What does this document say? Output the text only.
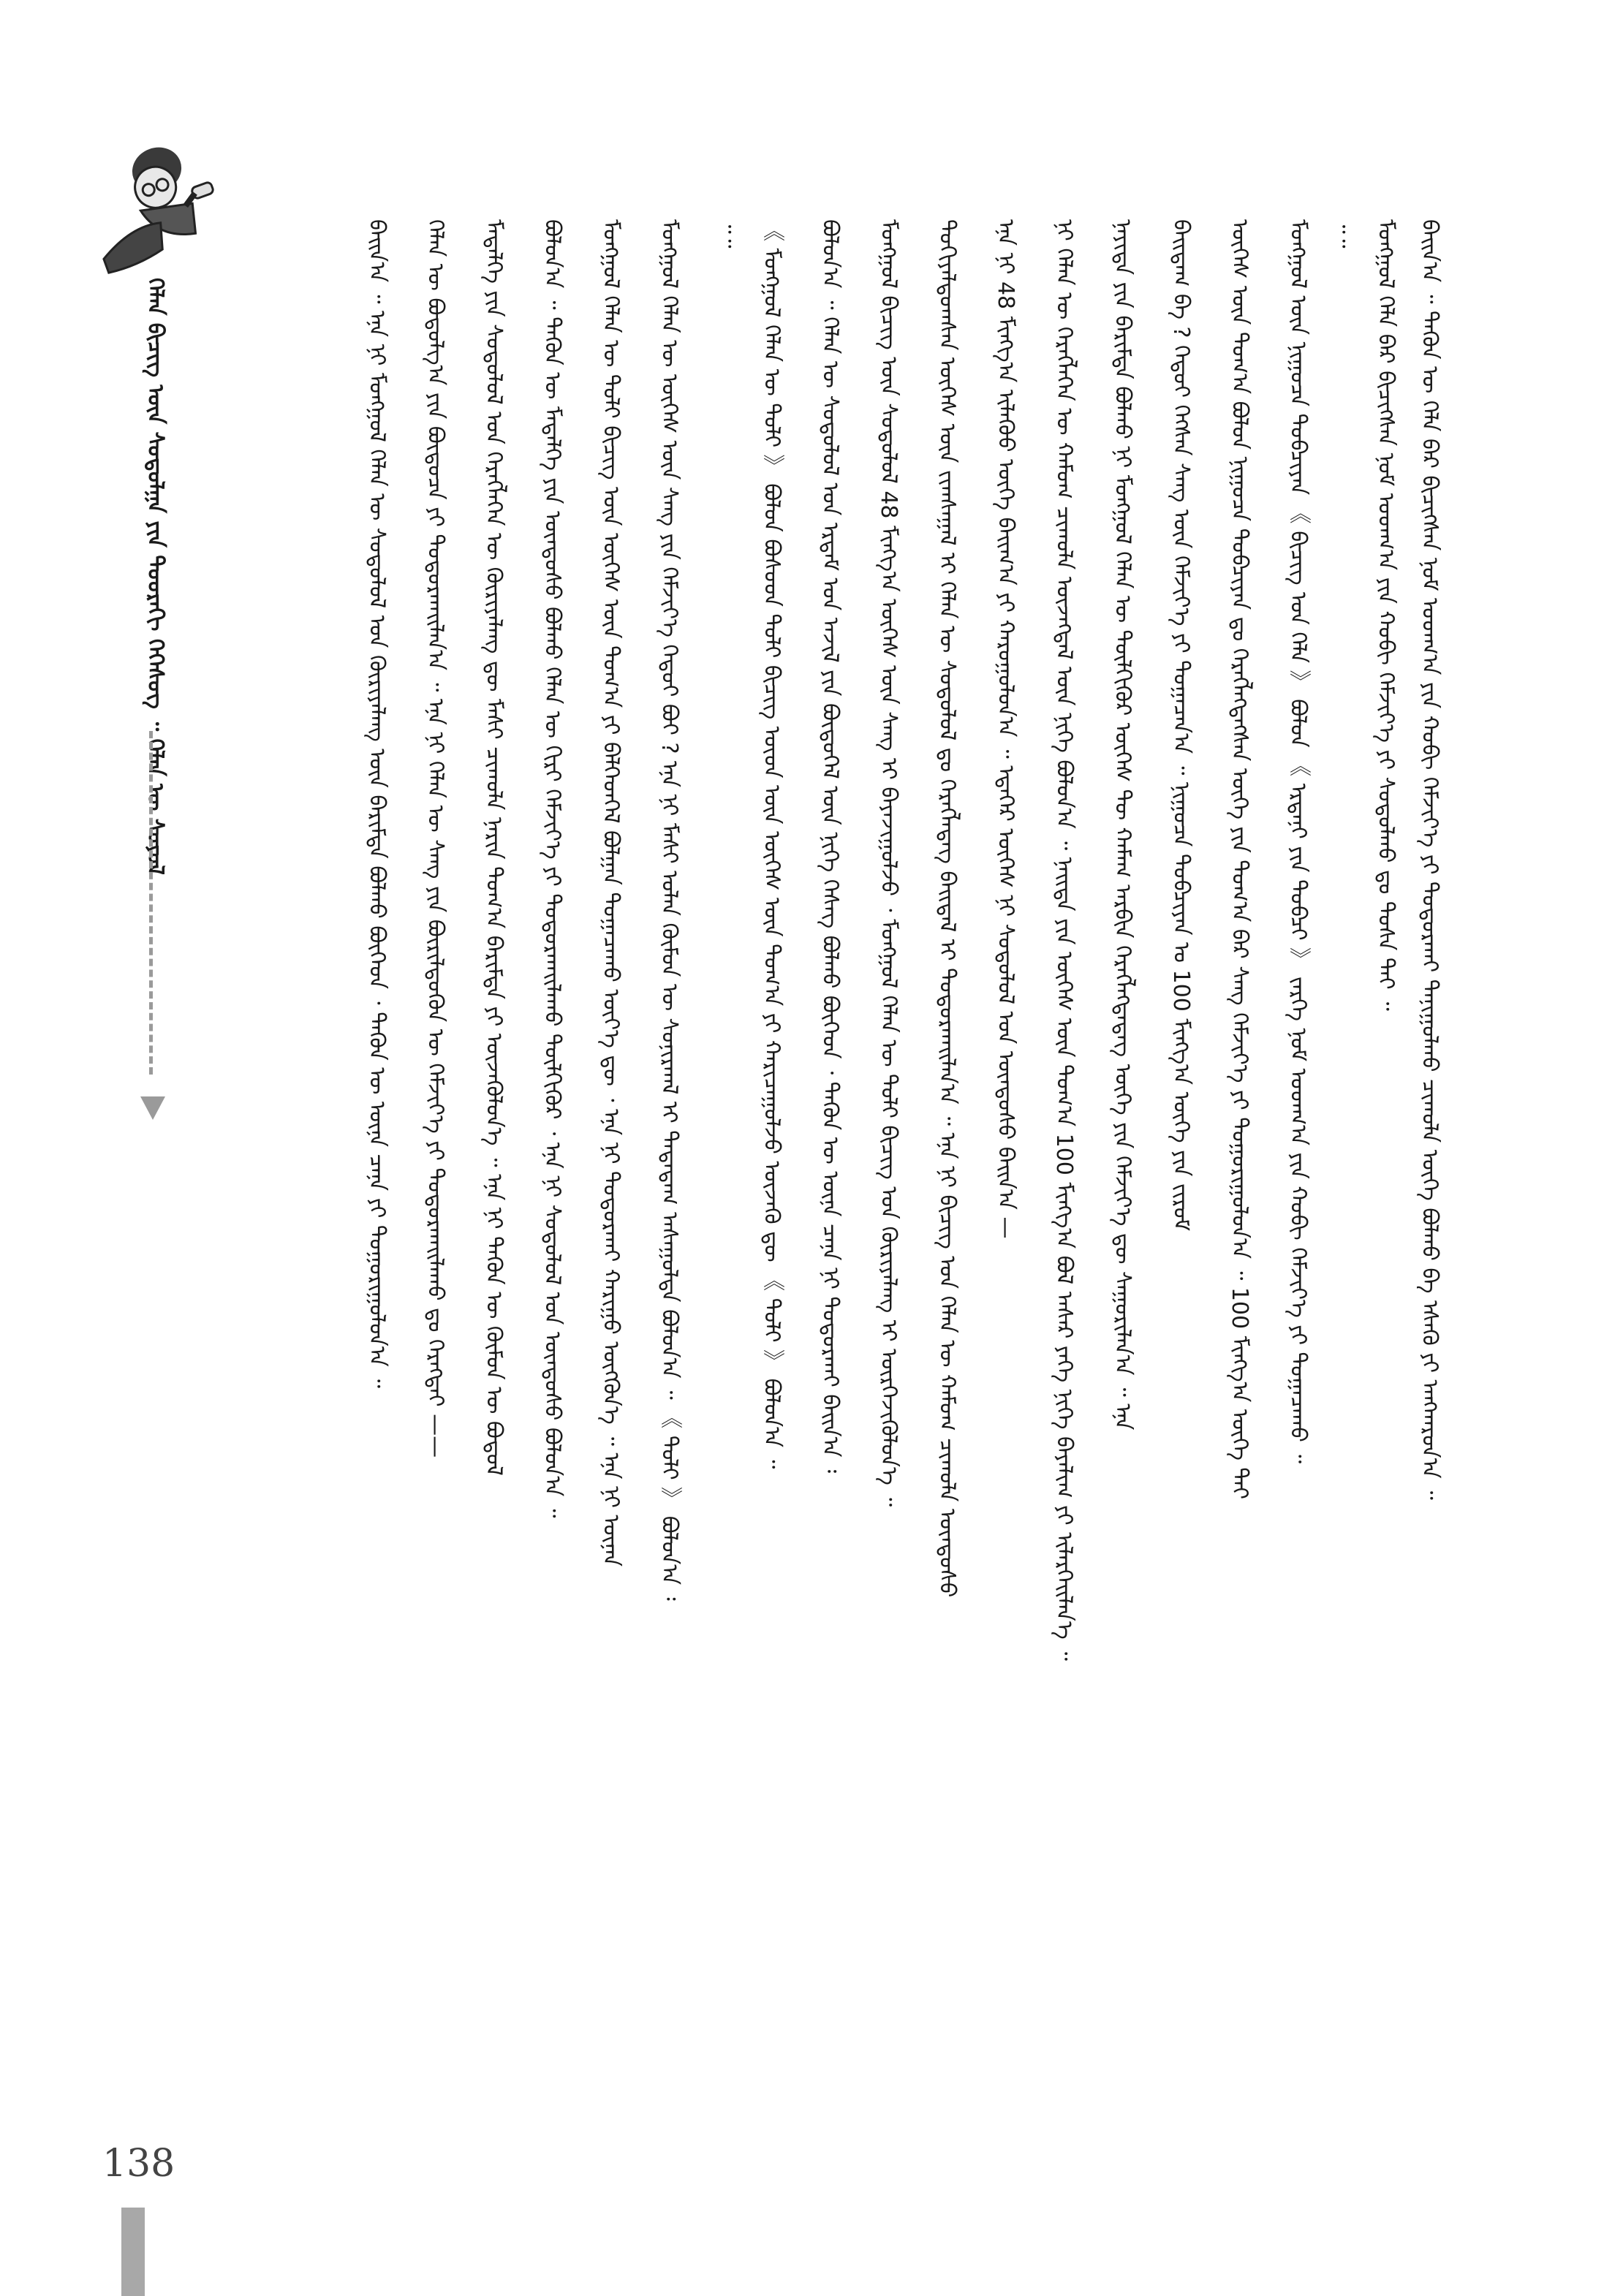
ᠬᠡᠯᠡᠨ ᠪᠢᠴᠢᠭ᠌ ᠦᠨ ᠰᠤᠳᠤᠯᠭᠠ ᠶᠢᠨ ᠳᠣᠣᠷᠠᠬᠢ ᠬᠡᠭᠡᠰᠦᠭ ᠃ ᠬᠡᠯᠡᠨ ᠦ ᠰᠣᠶᠣᠯ	ᠪᠠᠢᠨ᠎ᠠ ᠃ ᠲᠡᠭᠦᠨ ᠦ ᠬᠡᠯᠡ ᠪᠡᠷ ᠪᠢᠴᠢᠭᠰᠡᠨ ᠨᠣᠮ ᠤᠳᠬ᠎ᠠ ᠶᠢᠨ ᠬᠤᠪᠢ ᠬᠡᠮᠵᠢᠶ᠎ᠡ ᠶᠢ ᠲᠣᠳᠤᠷᠬᠠᠢ ᠲᠠᠨᠢᠭᠤᠯᠬᠤ ᠴᠢᠬᠤᠯᠠ ᠦᠭᠡ ᠪᠣᠯᠬᠤ ᠪᠠ ᠡᠰᠡᠬᠦ ᠶᠢ ᠠᠩᠬᠠᠷᠤᠨ᠎ᠠ ᠃
ᠮᠣᠩᠭᠣᠯ ᠬᠡᠯᠡ ᠪᠡᠷ ᠪᠢᠴᠢᠭᠰᠡᠨ ᠨᠣᠮ ᠤᠳᠬ᠎ᠠ ᠶᠢᠨ ᠬᠤᠪᠢ ᠬᠡᠮᠵᠢᠶ᠎ᠡ ᠶᠢ ᠰᠤᠳᠤᠯᠬᠤ ᠳᠤ ᠲᠤᠰᠠ ᠲᠠᠢ ᠃
᠃᠃
ᠮᠣᠩᠭᠣᠯ ᠦᠨ ᠨᠢᠭᠤᠴᠠ ᠲᠣᠪᠴᠢᠶᠠᠨ 《 ᠪᠢᠴᠢᠭ ᠤᠨ ᠬᠡᠯᠡ 》 ᠪᠣᠯᠣᠨ 《 ᠡᠷᠳᠡᠨᠢ ᠶᠢᠨ ᠲᠣᠪᠴᠢ 》 ᠵᠡᠷᠭᠡ ᠨᠣᠮ ᠤᠳᠬ᠎ᠠ ᠶᠢᠨ ᠬᠤᠪᠢ ᠬᠡᠮᠵᠢᠶ᠎ᠡ ᠶᠢ ᠲᠣᠭᠠᠴᠠᠬᠤ ᠃
ᠦᠭᠡᠰ ᠦᠨ ᠲᠣᠭ᠎ᠠ ᠪᠣᠯᠣᠨ ᠨᠢᠭᠤᠴᠠ ᠲᠣᠪᠴᠢᠶᠠᠨ ᠳᠤ ᠬᠡᠷᠡᠭᠯᠡᠭᠳᠡᠭᠰᠡᠨ ᠦᠭᠡ ᠶᠢᠨ ᠲᠣᠭ᠎ᠠ ᠪᠠᠷ ᠰᠠᠩ ᠬᠡᠮᠵᠢᠶ᠎ᠡ ᠶᠢ ᠲᠣᠭᠣᠷᠢᠭᠤᠯᠤᠨ᠎ᠠ ᠃ 100 ᠮᠢᠩᠭ᠎ᠠ ᠦᠭᠡ ᠲᠠᠢ
ᠪᠠᠢᠳᠠᠭ ᠪᠠ ? ᠬᠡᠳᠦᠢ ᠭᠡᠭᠰᠡᠨ ᠰᠠᠩ ᠦᠨ ᠬᠡᠮᠵᠢᠶ᠎ᠡ ᠶᠢ ᠲᠣᠭᠠᠴᠠᠨ᠎ᠠ ᠃ ᠨᠢᠭᠤᠴᠠ ᠲᠣᠪᠴᠢᠶᠠᠨ ᠤ 100 ᠮᠢᠩᠭ᠎ᠠ ᠦᠭᠡ ᠶᠢᠨ ᠵᠢᠷᠤᠮ
ᠨᠡᠶᠢᠲᠡ ᠶᠢᠨ ᠪᠠᠷᠢᠮᠲᠠ ᠪᠣᠯᠬᠤ ᠨᠢ ᠮᠣᠩᠭᠣᠯ ᠬᠡᠯᠡᠨ ᠦ ᠲᠦᠯᠬᠢᠭᠦᠷ ᠦᠭᠡᠰ ᠲᠦ ᠬᠠᠮᠠᠭ ᠠᠷᠪᠢᠨ ᠬᠡᠷᠡᠭᠯᠡᠭᠳᠡᠳᠡᠭ ᠦᠭᠡ ᠶᠢᠨ ᠬᠡᠮᠵᠢᠶ᠎ᠡ ᠳᠦ ᠰᠠᠭᠤᠷᠢᠯᠠᠨ᠎ᠠ ᠃ ᠡᠨᠡ
ᠨᠢ ᠬᠡᠯᠡᠨ ᠦ ᠬᠡᠷᠡᠭᠯᠡᠭᠡᠨ ᠦ ᠬᠠᠮᠤᠭ ᠴᠢᠬᠤᠯᠠ ᠦᠵᠡᠭᠳᠡᠯ ᠦᠨ ᠨᠢᠭᠡ ᠪᠣᠯᠣᠨ᠎ᠠ ᠃ ᠨᠡᠢᠲᠡ ᠶᠢᠨ ᠦᠭᠡᠰ ᠦᠨ ᠲᠣᠭ᠎ᠠ 100 ᠮᠢᠩᠭ᠎ᠠ ᠪᠣᠯ ᠠᠰᠠᠷ ᠶᠡᠬᠡ ᠨᠢᠭᠡ ᠪᠠᠶᠠᠯᠢᠭ ᠶᠢ ᠢᠯᠡᠷᠬᠡᠢᠯᠡᠨ᠎ᠡ ᠃
ᠡᠨᠡ ᠨᠢ 48 ᠮᠢᠩᠭ᠎ᠠ ᠢᠯᠡᠭᠦᠦ ᠦᠭᠡ ᠪᠠᠢᠭ᠎ᠠ ᠶᠢ ᠬᠠᠷᠤᠭᠤᠯᠤᠨ᠎ᠠ ᠃ ᠡᠳᠡᠭᠡᠷ ᠦᠭᠡᠰ ᠨᠢ ᠰᠤᠳᠤᠯᠤᠯ ᠤᠨ ᠦᠨᠳᠦᠰᠦ ᠪᠠᠢᠨ᠎ᠠ —
ᠲᠣᠬᠢᠶᠠᠯᠳᠤᠭᠰᠠᠨ ᠦᠭᠡᠰ ᠦᠨ ᠵᠢᠭᠰᠠᠭᠠᠯ ᠢ ᠬᠡᠯᠡᠨ ᠦ ᠰᠤᠳᠤᠯᠤᠯ ᠳᠤ ᠬᠡᠷᠡᠭᠯᠡᠳᠡᠭ ᠪᠠᠢᠳᠠᠯ ᠢ ᠲᠣᠳᠤᠷᠬᠠᠢᠯᠠᠨ᠎ᠠ ᠃ ᠡᠨᠡ ᠨᠢ ᠪᠢᠴᠢᠭ ᠤᠨ ᠬᠡᠯᠡᠨ ᠦ ᠬᠠᠮᠤᠭ ᠴᠢᠬᠤᠯᠠ ᠦᠨᠳᠦᠰᠦ
ᠮᠣᠩᠭᠣᠯ ᠪᠢᠴᠢᠭ ᠦᠨ ᠰᠤᠳᠤᠯᠤᠯ 48 ᠮᠢᠩᠭ᠎ᠠ ᠦᠭᠡᠰ ᠦᠨ ᠰᠠᠩ ᠢ ᠪᠠᠶᠠᠵᠢᠭᠤᠯᠵᠤ ᠂ ᠮᠣᠩᠭᠣᠯ ᠬᠡᠯᠡᠨ ᠦ ᠲᠣᠯᠢ ᠪᠢᠴᠢᠭ ᠤᠨ ᠬᠦᠷᠢᠶᠡᠯᠡᠩ ᠢ ᠥᠷᠭᠡᠵᠢᠭᠦᠯᠦᠨ᠎ᠡ ᠃
ᠪᠣᠯᠤᠨ᠎ᠠ ᠃ ᠬᠡᠯᠡᠨ ᠦ ᠰᠤᠳᠤᠯᠤᠯ ᠤᠨ ᠡᠷᠳᠡᠮ ᠤᠨ ᠠᠵᠢᠯ ᠶᠢᠨ ᠪᠦᠲᠦᠭᠡᠯ ᠦᠨ ᠨᠢᠭᠡ ᠬᠡᠰᠡᠭ ᠪᠣᠯᠬᠤ ᠪᠥᠭᠡᠳ ᠂ ᠲᠡᠭᠦᠨ ᠦ ᠦᠨᠡ ᠴᠡᠨᠡ ᠨᠢ ᠲᠣᠳᠤᠷᠬᠠᠢ ᠪᠠᠢᠨ᠎ᠠ ᠄
《 ᠮᠣᠩᠭᠣᠯ ᠬᠡᠯᠡᠨ ᠦ ᠲᠣᠯᠢ 》 ᠪᠣᠯᠣᠨ ᠪᠤᠰᠤᠳ ᠲᠣᠯᠢ ᠪᠢᠴᠢᠭ ᠦᠳ ᠦᠨ ᠦᠭᠡᠰ ᠦᠨ ᠲᠣᠭ᠎ᠠ ᠶᠢ ᠬᠠᠷᠢᠴᠠᠭᠤᠯᠵᠤ ᠦᠵᠡᠬᠦ ᠳᠦ 《 ᠲᠣᠯᠢ 》 ᠪᠣᠯᠤᠨ᠎ᠠ ᠃
᠃᠃
ᠮᠣᠩᠭᠣᠯ ᠬᠡᠯᠡᠨ ᠦ ᠦᠭᠡᠰ ᠦᠨ ᠰᠠᠩ ᠶᠢᠨ ᠬᠡᠮᠵᠢᠶ᠎ᠡ ᠬᠡᠳᠦᠢ ᠪᠣᠢ ? ᠡᠨᠡ ᠨᠢ ᠮᠠᠰᠢ ᠣᠯᠠᠨ ᠬᠦᠮᠦᠨ ᠦ ᠰᠣᠨᠢᠷᠬᠠᠯ ᠢ ᠲᠠᠲᠠᠳᠠᠭ ᠠᠰᠠᠭᠤᠯᠲᠠ ᠪᠣᠯᠣᠨ᠎ᠠ ᠃ 《 ᠲᠣᠯᠢ 》 ᠪᠣᠯᠤᠨ᠎ᠠ ᠄
ᠮᠣᠩᠭᠣᠯ ᠬᠡᠯᠡᠨ ᠦ ᠲᠣᠯᠢ ᠪᠢᠴᠢᠭ ᠦᠨ ᠦᠭᠡᠰ ᠦᠨ ᠲᠣᠭ᠎ᠠ ᠶᠢ ᠪᠡᠯᠭᠡᠳᠬᠡᠯ ᠪᠣᠯᠭᠠᠨ ᠲᠣᠭᠠᠴᠠᠬᠤ ᠦᠶ᠎ᠡ ᠳᠦ ᠂ ᠡᠨᠡ ᠨᠢ ᠲᠣᠳᠤᠷᠬᠠᠢ ᠬᠠᠷᠢᠭᠤ ᠦᠭᠭᠦᠨ᠎ᠡ ᠃ ᠡᠨᠡ ᠨᠢ ᠦᠨᠡᠨ
ᠪᠣᠯᠤᠨ᠎ᠠ ᠃ ᠲᠡᠭᠦᠨ ᠦ ᠮᠡᠳᠡᠯᠭᠡ ᠶᠢᠨ ᠦᠨᠳᠦᠰᠦ ᠪᠣᠯᠬᠤ ᠬᠡᠯᠡᠨ ᠦ ᠬᠢᠷᠢ ᠬᠡᠮᠵᠢᠶ᠎ᠡ ᠶᠢ ᠲᠣᠳᠤᠷᠬᠠᠢᠯᠠᠬᠤ ᠲᠦᠯᠬᠢᠭᠦᠷ ᠂ ᠡᠨᠡ ᠨᠢ ᠰᠤᠳᠤᠯᠤᠯ ᠤᠨ ᠦᠨᠳᠦᠰᠦ ᠪᠣᠯᠣᠨ᠎ᠠ ᠃
ᠮᠡᠳᠡᠯᠭᠡ ᠶᠢᠨ ᠰᠤᠳᠤᠯᠤᠯ ᠤᠨ ᠬᠡᠷᠡᠭᠯᠡᠭᠡᠨ ᠦ ᠬᠦᠷᠢᠶᠡᠯᠡᠩ ᠳᠦ ᠮᠠᠰᠢ ᠴᠢᠬᠤᠯᠠ ᠨᠠᠷᠢᠨ ᠲᠣᠭ᠎ᠠ ᠪᠠᠷᠢᠮᠲᠠ ᠶᠢ ᠦᠵᠡᠭᠦᠯᠦᠨ᠎ᠡ ᠃ ᠡᠨᠡ ᠨᠢ ᠲᠡᠭᠦᠨ ᠦ ᠬᠦᠮᠦᠨ ᠦ ᠪᠣᠳᠣᠯ
ᠬᠡᠯᠡᠨ ᠦ ᠪᠣᠳᠣᠯᠭ᠎ᠠ ᠶᠢᠨ ᠪᠦᠲᠦᠴᠡ ᠶᠢ ᠲᠣᠳᠤᠷᠬᠠᠢᠯᠠᠨ᠎ᠠ ᠃ ᠡᠨᠡ ᠨᠢ ᠬᠡᠯᠡᠨ ᠦ ᠰᠠᠩ ᠶᠢᠨ ᠪᠦᠷᠢᠯᠳᠦᠭᠦᠨ ᠦ ᠬᠡᠮᠵᠢᠶ᠎ᠡ ᠶᠢ ᠲᠣᠳᠤᠷᠬᠠᠢᠯᠠᠬᠤ ᠳᠤ ᠬᠡᠷᠡᠭᠲᠡᠢ ——
ᠪᠠᠢᠨ᠎ᠠ ᠃ ᠡᠨᠡ ᠨᠢ ᠮᠣᠩᠭᠣᠯ ᠬᠡᠯᠡᠨ ᠦ ᠰᠤᠳᠤᠯᠤᠯ ᠤᠨ ᠬᠦᠷᠢᠶᠡᠯᠡᠩ ᠦᠨ ᠪᠠᠷᠢᠮᠲᠠ ᠪᠣᠯᠬᠤ ᠪᠥᠭᠡᠳ ᠂ ᠲᠡᠭᠦᠨ ᠦ ᠦᠨᠡ ᠴᠡᠨᠡ ᠶᠢ ᠲᠣᠭᠣᠷᠢᠭᠤᠯᠤᠨ᠎ᠠ ᠃
138
